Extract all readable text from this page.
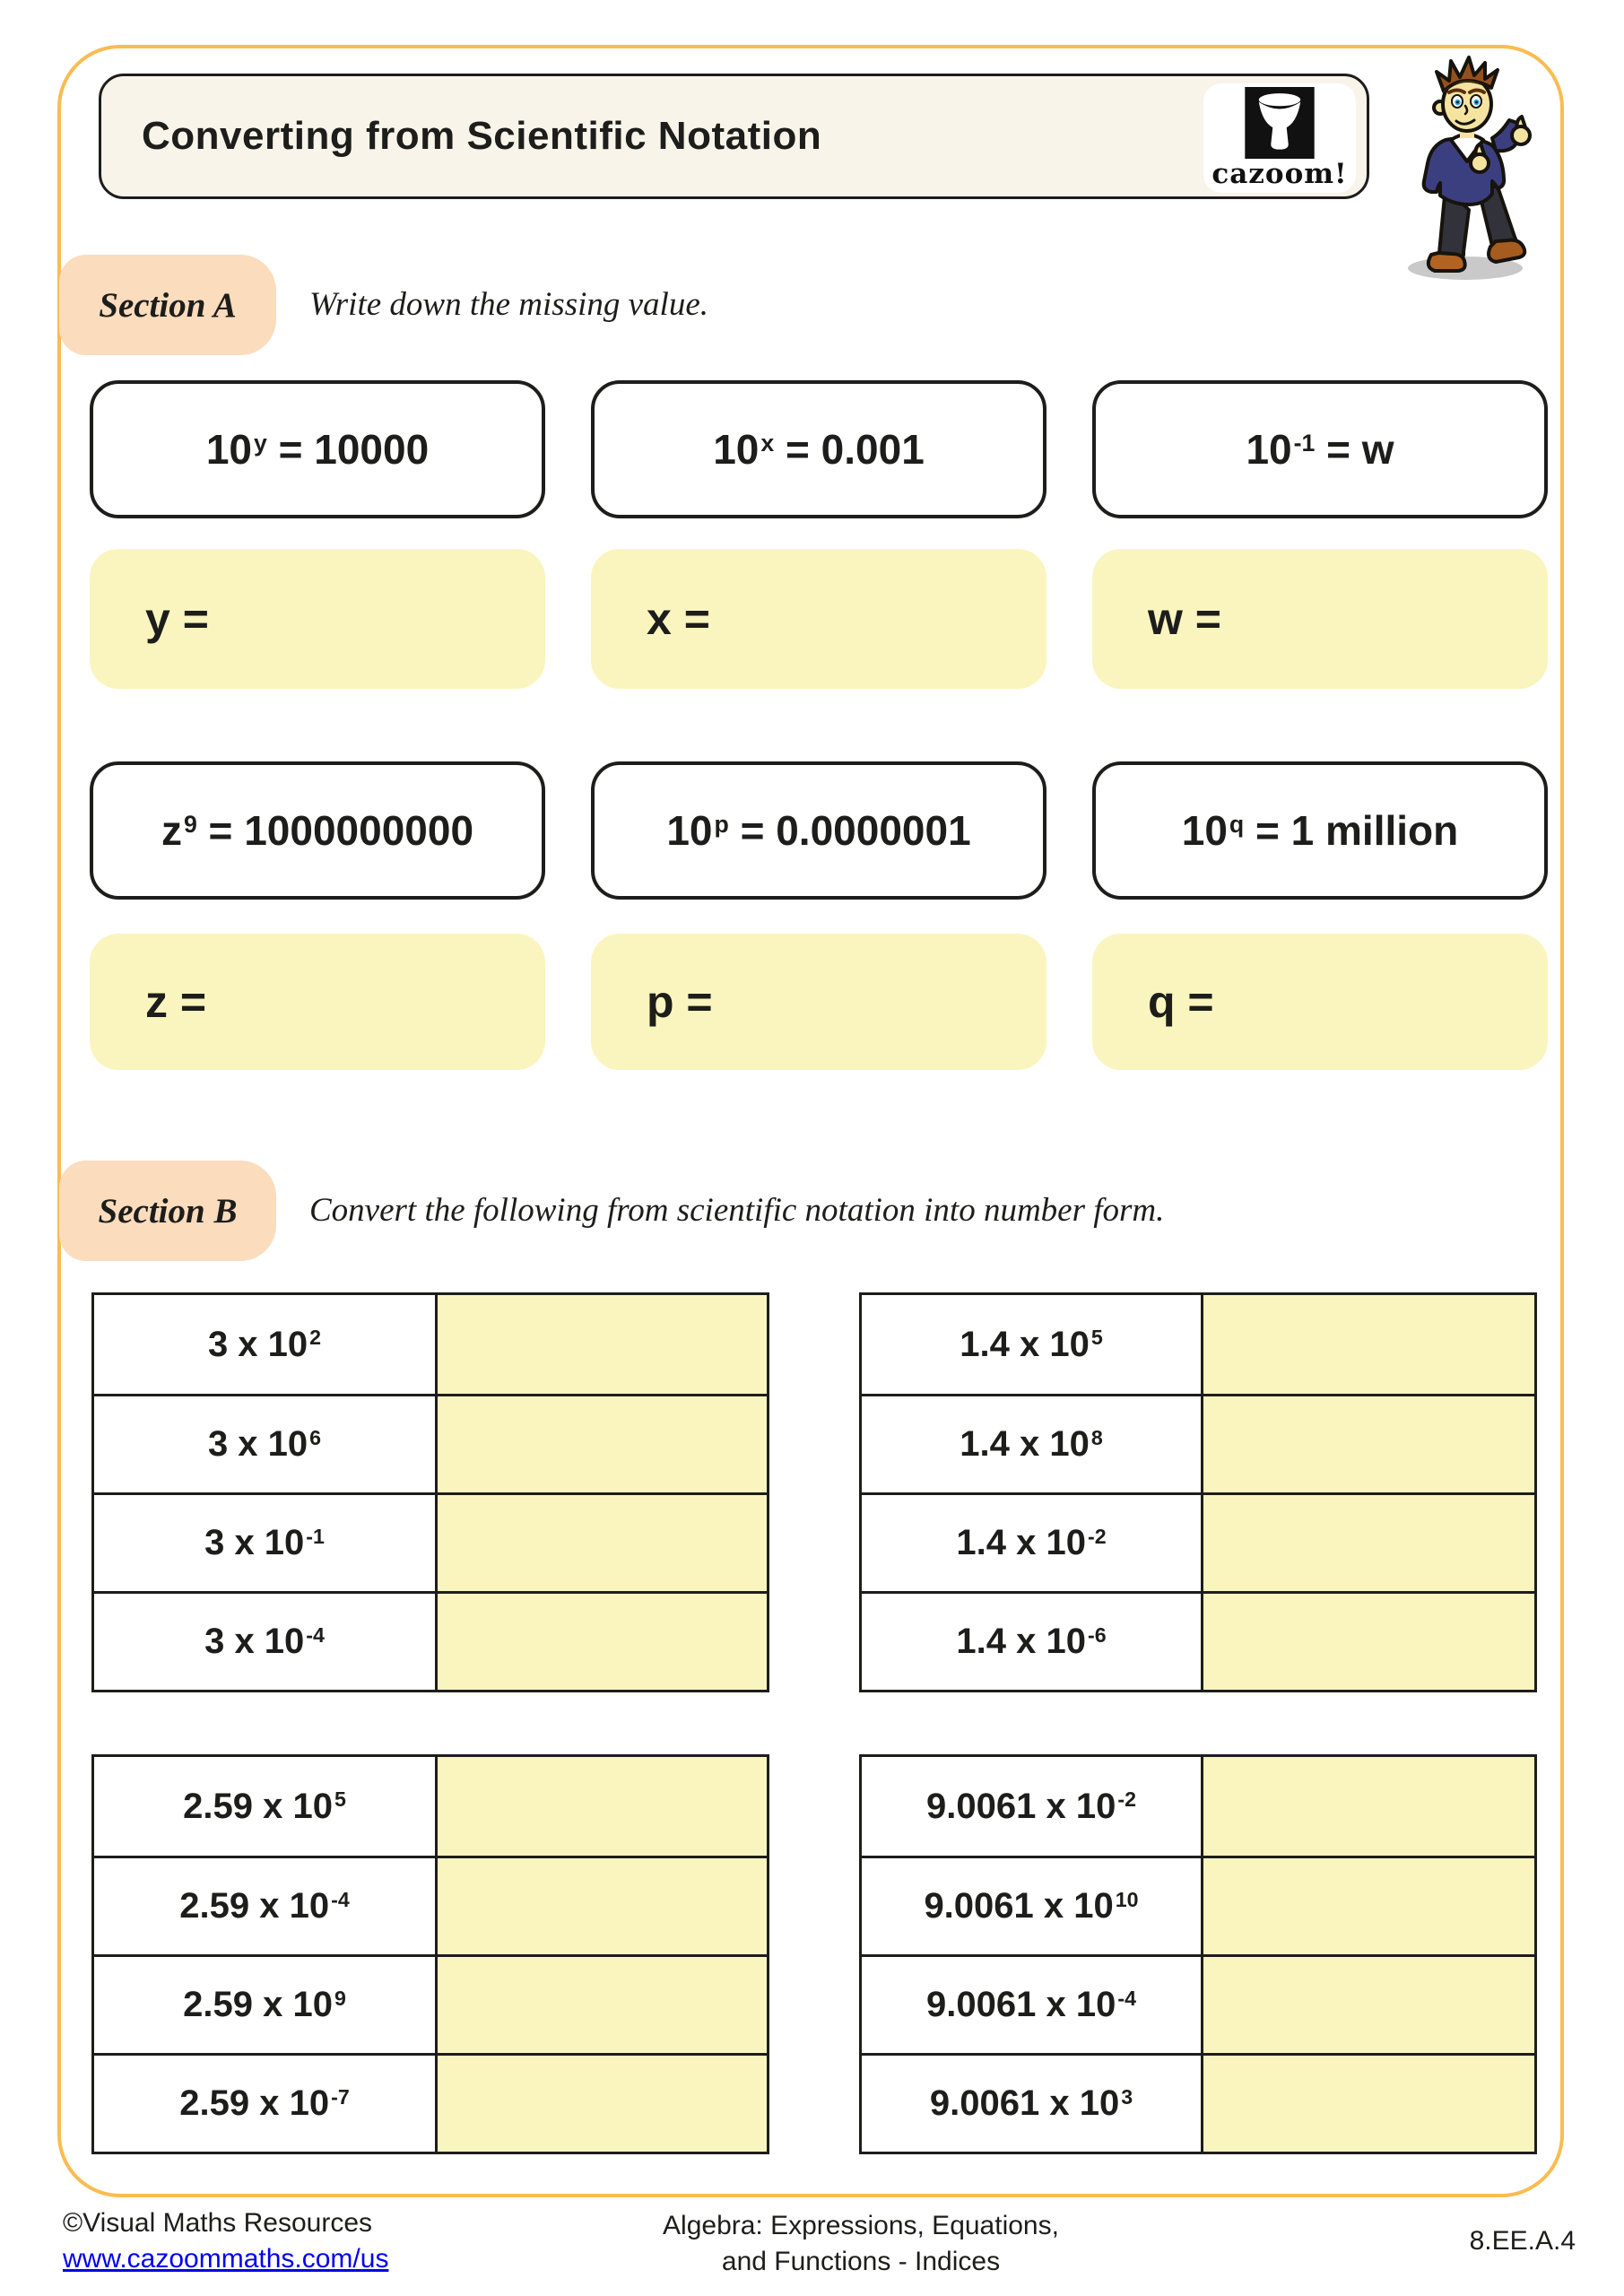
Converting from Scientific Notation
cazoom!
Section A	Write down the missing value.
$10^y = 10000$	$10^x = 0.001$	$10^{-1} = w$
y =	x =	w =
$z^9 = 1000000000$	$10^p = 0.0000001$	$10^q = 1$ million
z =	p =	q =
Section B	Convert the following from scientific notation into number form.
3 x $10^2$
3 x $10^6$
3 x $10^{-1}$
3 x $10^{-4}$
1.4 x $10^5$
1.4 x $10^8$
1.4 x $10^{-2}$
1.4 x $10^{-6}$
2.59 x $10^5$
2.59 x $10^{-4}$
2.59 x $10^9$
2.59 x $10^{-7}$
9.0061 x $10^{-2}$
9.0061 x $10^{10}$
9.0061 x $10^{-4}$
9.0061 x $10^3$
©Visual Maths Resources
www.cazoommaths.com/us
Algebra: Expressions, Equations,
and Functions - Indices
8.EE.A.4
